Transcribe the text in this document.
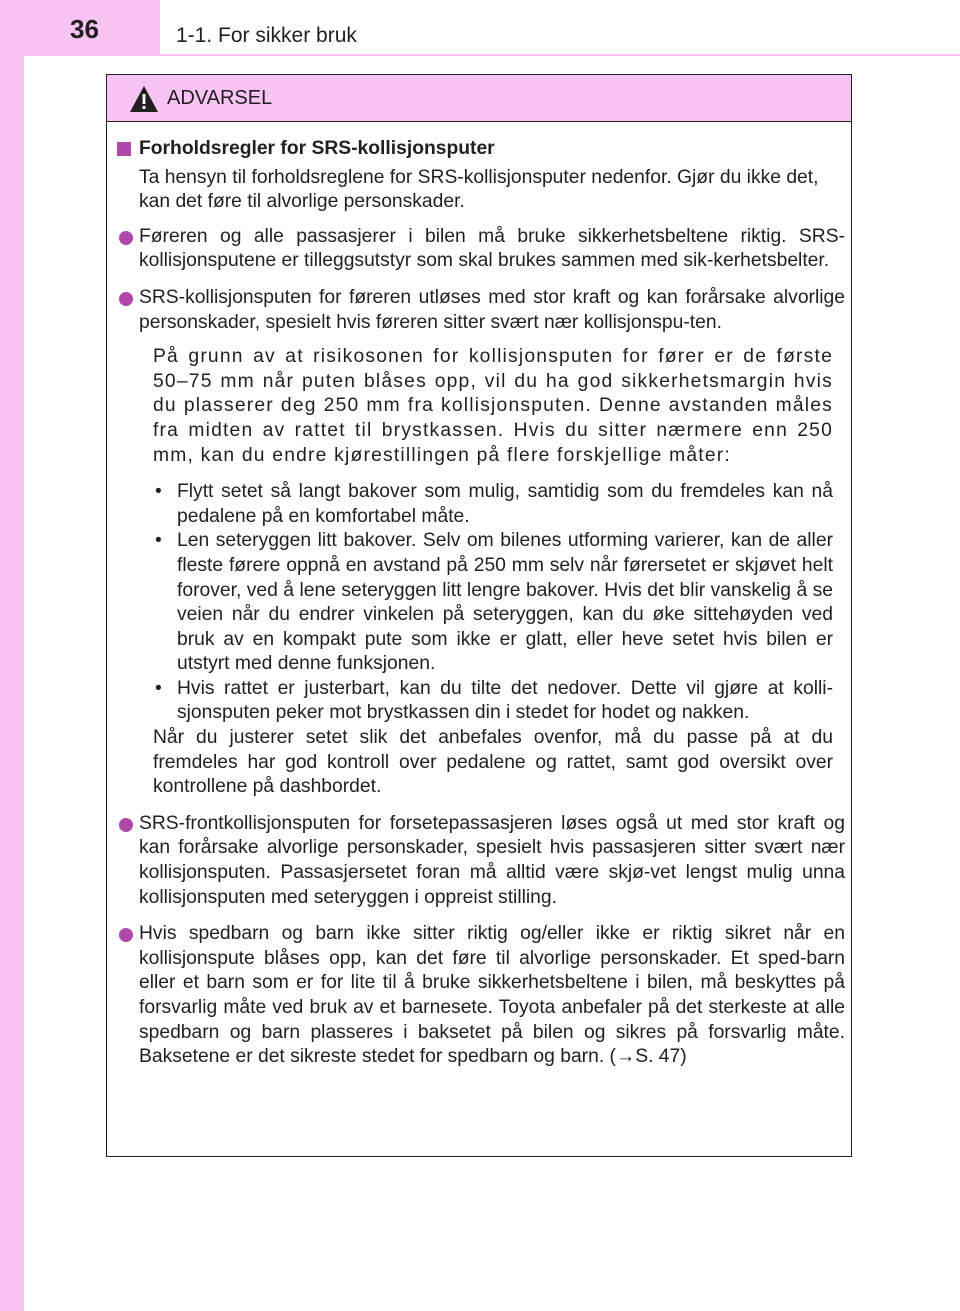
36	1-1. For sikker bruk
ADVARSEL
Forholdsregler for SRS-kollisjonsputer

Ta hensyn til forholdsreglene for SRS-kollisjonsputer nedenfor. Gjør du ikke det, kan det føre til alvorlige personskader.

Føreren og alle passasjerer i bilen må bruke sikkerhetsbeltene riktig. SRS-kollisjonsputene er tilleggsutstyr som skal brukes sammen med sik-kerhetsbelter.

SRS-kollisjonsputen for føreren utløses med stor kraft og kan forårsake alvorlige personskader, spesielt hvis føreren sitter svært nær kollisjonspu-ten.

På grunn av at risikosonen for kollisjonsputen for fører er de første 50–75 mm når puten blåses opp, vil du ha god sikkerhetsmargin hvis du plasserer deg 250 mm fra kollisjonsputen. Denne avstanden måles fra midten av rattet til brystkassen. Hvis du sitter nærmere enn 250 mm, kan du endre kjørestillingen på flere forskjellige måter:

• Flytt setet så langt bakover som mulig, samtidig som du fremdeles kan nå pedalene på en komfortabel måte.

• Len seteryggen litt bakover. Selv om bilenes utforming varierer, kan de aller fleste førere oppnå en avstand på 250 mm selv når førersetet er skjøvet helt forover, ved å lene seteryggen litt lengre bakover. Hvis det blir vanskelig å se veien når du endrer vinkelen på seteryggen, kan du øke sittehøyden ved bruk av en kompakt pute som ikke er glatt, eller heve setet hvis bilen er utstyrt med denne funksjonen.

• Hvis rattet er justerbart, kan du tilte det nedover. Dette vil gjøre at kolli-sjonsputen peker mot brystkassen din i stedet for hodet og nakken.

Når du justerer setet slik det anbefales ovenfor, må du passe på at du fremdeles har god kontroll over pedalene og rattet, samt god oversikt over kontrollene på dashbordet.

SRS-frontkollisjonsputen for forsetepassasjeren løses også ut med stor kraft og kan forårsake alvorlige personskader, spesielt hvis passasjeren sitter svært nær kollisjonsputen. Passasjersetet foran må alltid være skjø-vet lengst mulig unna kollisjonsputen med seteryggen i oppreist stilling.

Hvis spedbarn og barn ikke sitter riktig og/eller ikke er riktig sikret når en kollisjonspute blåses opp, kan det føre til alvorlige personskader. Et sped-barn eller et barn som er for lite til å bruke sikkerhetsbeltene i bilen, må beskyttes på forsvarlig måte ved bruk av et barnesete. Toyota anbefaler på det sterkeste at alle spedbarn og barn plasseres i baksetet på bilen og sikres på forsvarlig måte. Baksetene er det sikreste stedet for spedbarn og barn. (→S. 47)
